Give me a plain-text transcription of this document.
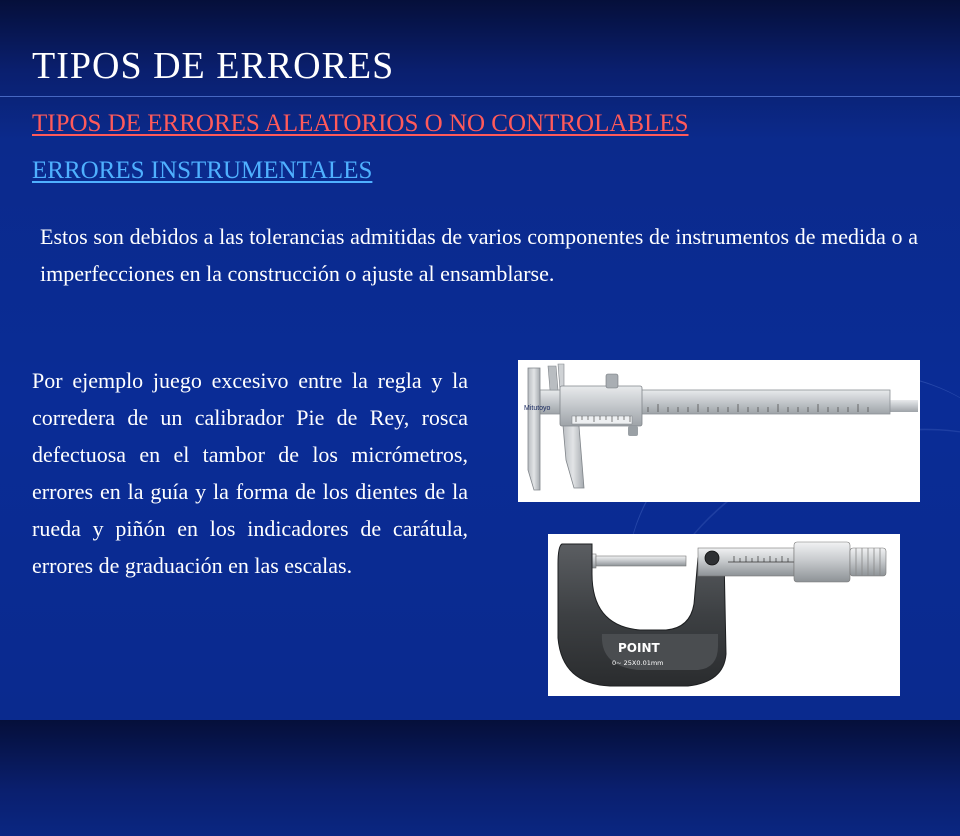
TIPOS DE ERRORES
TIPOS DE ERRORES ALEATORIOS O NO CONTROLABLES
ERRORES INSTRUMENTALES

Estos son debidos a las tolerancias admitidas de varios componentes de instrumentos de medida o a imperfecciones en la construcción o ajuste al ensamblarse.

Por ejemplo juego excesivo entre la regla y la corredera de un calibrador Pie de Rey, rosca defectuosa en el tambor de los micrómetros, errores en la guía y la forma de los dientes de la rueda y piñón en los indicadores de carátula, errores de graduación en las escalas.

Mitutoyo
POINT
0~ 25X0.01mm
